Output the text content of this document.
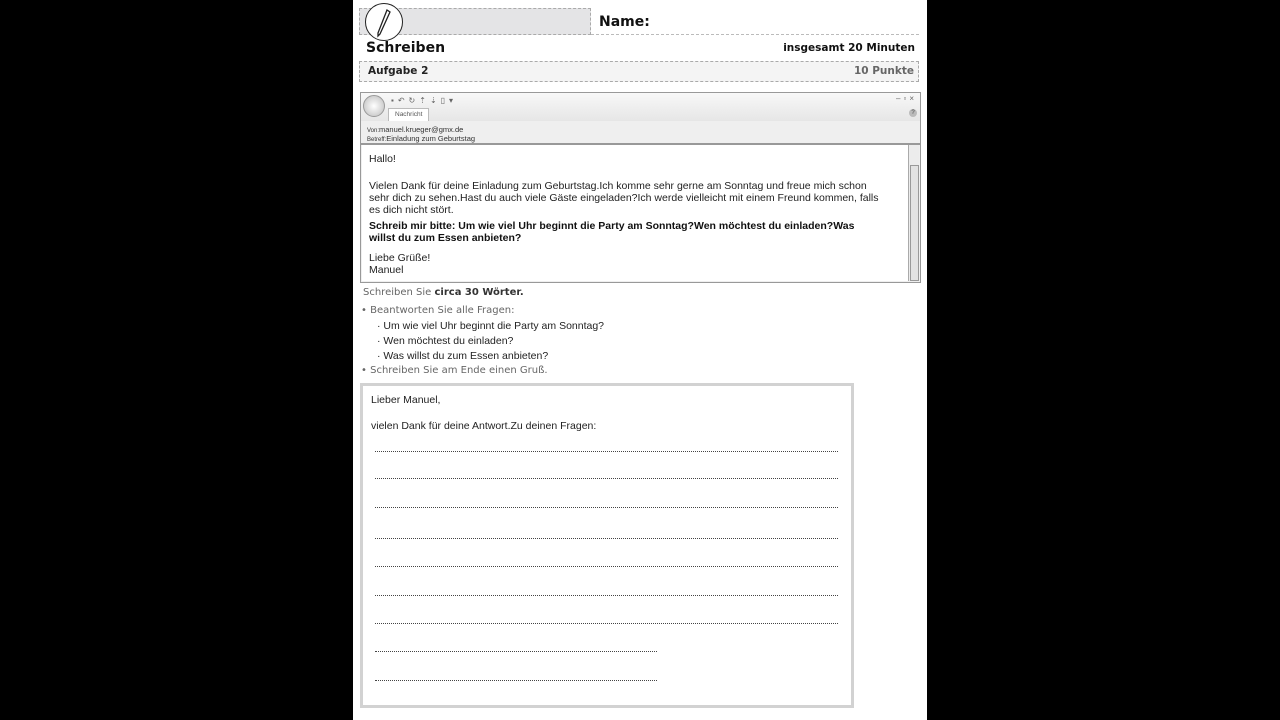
Name:
Schreiben	insgesamt 20 Minuten
Aufgabe 2	10 Punkte
▪↶↻⇡⇣▯▾
Nachricht
–▫×
?
Von:manuel.krueger@gmx.de
Betreff:Einladung zum Geburtstag
Hallo!
Vielen Dank für deine Einladung zum Geburtstag.Ich komme sehr gerne am Sonntag und freue mich schon
sehr dich zu sehen.Hast du auch viele Gäste eingeladen?Ich werde vielleicht mit einem Freund kommen, falls
es dich nicht stört.
Schreib mir bitte: Um wie viel Uhr beginnt die Party am Sonntag?Wen möchtest du einladen?Was
willst du zum Essen anbieten?
Liebe Grüße!
Manuel
Schreiben Sie circa 30 Wörter.
• Beantworten Sie alle Fragen:
· Um wie viel Uhr beginnt die Party am Sonntag?
· Wen möchtest du einladen?
· Was willst du zum Essen anbieten?
• Schreiben Sie am Ende einen Gruß.
Lieber Manuel,
vielen Dank für deine Antwort.Zu deinen Fragen:
